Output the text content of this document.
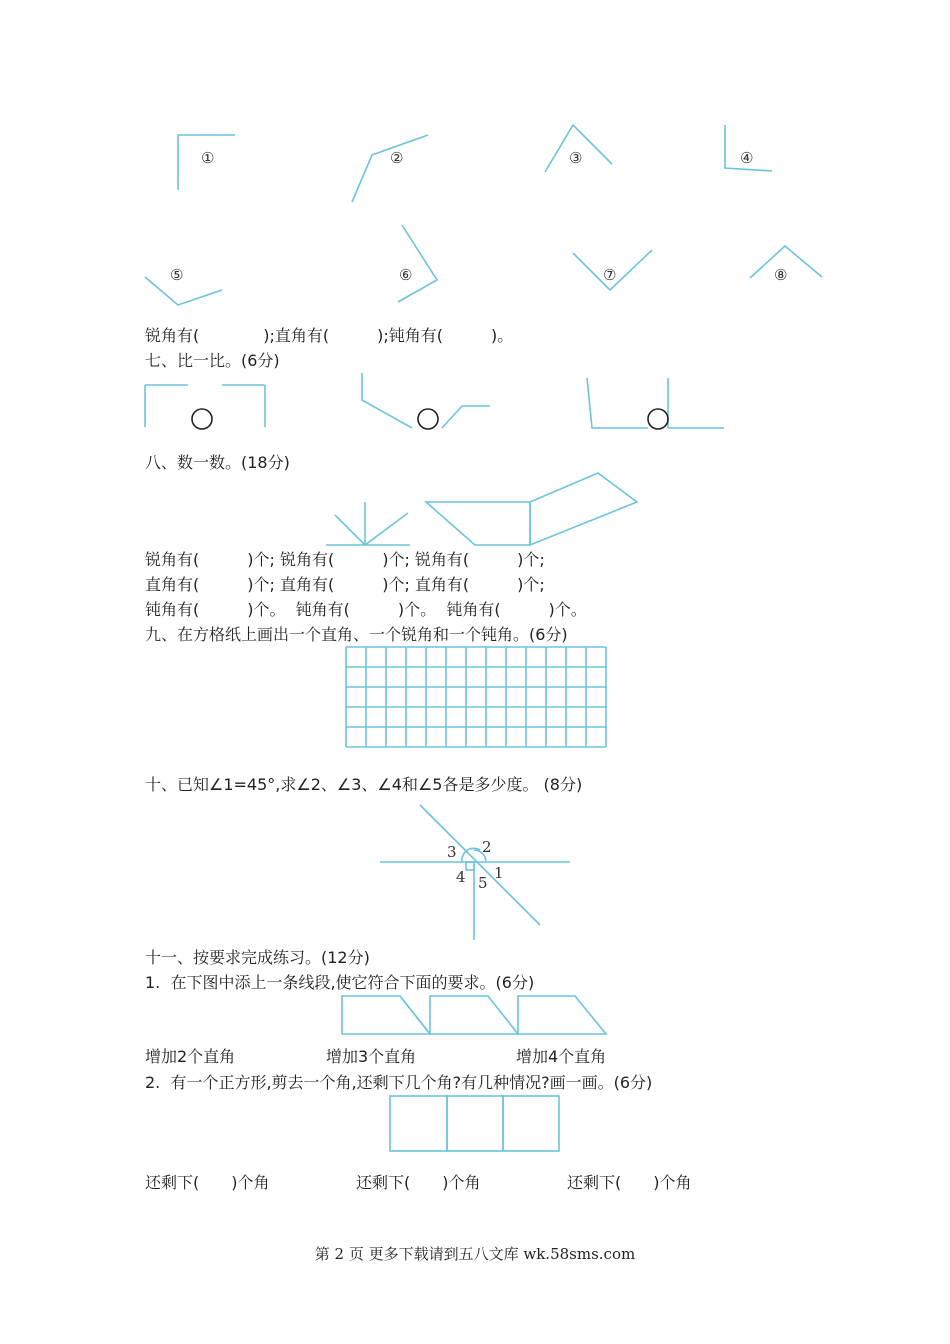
①	②	③	④
⑤	⑥	⑦	⑧
锐角有(　　　　);直角有(　　　);钝角有(　　　)。
七、比一比。(6分)
八、数一数。(18分)
锐角有(　　　)个; 锐角有(　　　)个; 锐角有(　　　)个;
直角有(　　　)个; 直角有(　　　)个; 直角有(　　　)个;
钝角有(　　　)个。  钝角有(　　　)个。  钝角有(　　　)个。
九、在方格纸上画出一个直角、一个锐角和一个钝角。(6分)
十、已知∠1=45°,求∠2、∠3、∠4和∠5各是多少度。 (8分)
3 2
4 5
1
十一、按要求完成练习。(12分)
1.  在下图中添上一条线段,使它符合下面的要求。(6分)
增加2个直角	增加3个直角	增加4个直角
2.  有一个正方形,剪去一个角,还剩下几个角?有几种情况?画一画。(6分)
还剩下(　　)个角	还剩下(　　)个角	还剩下(　　)个角
第 2 页 更多下载请到五八文库 wk.58sms.com
